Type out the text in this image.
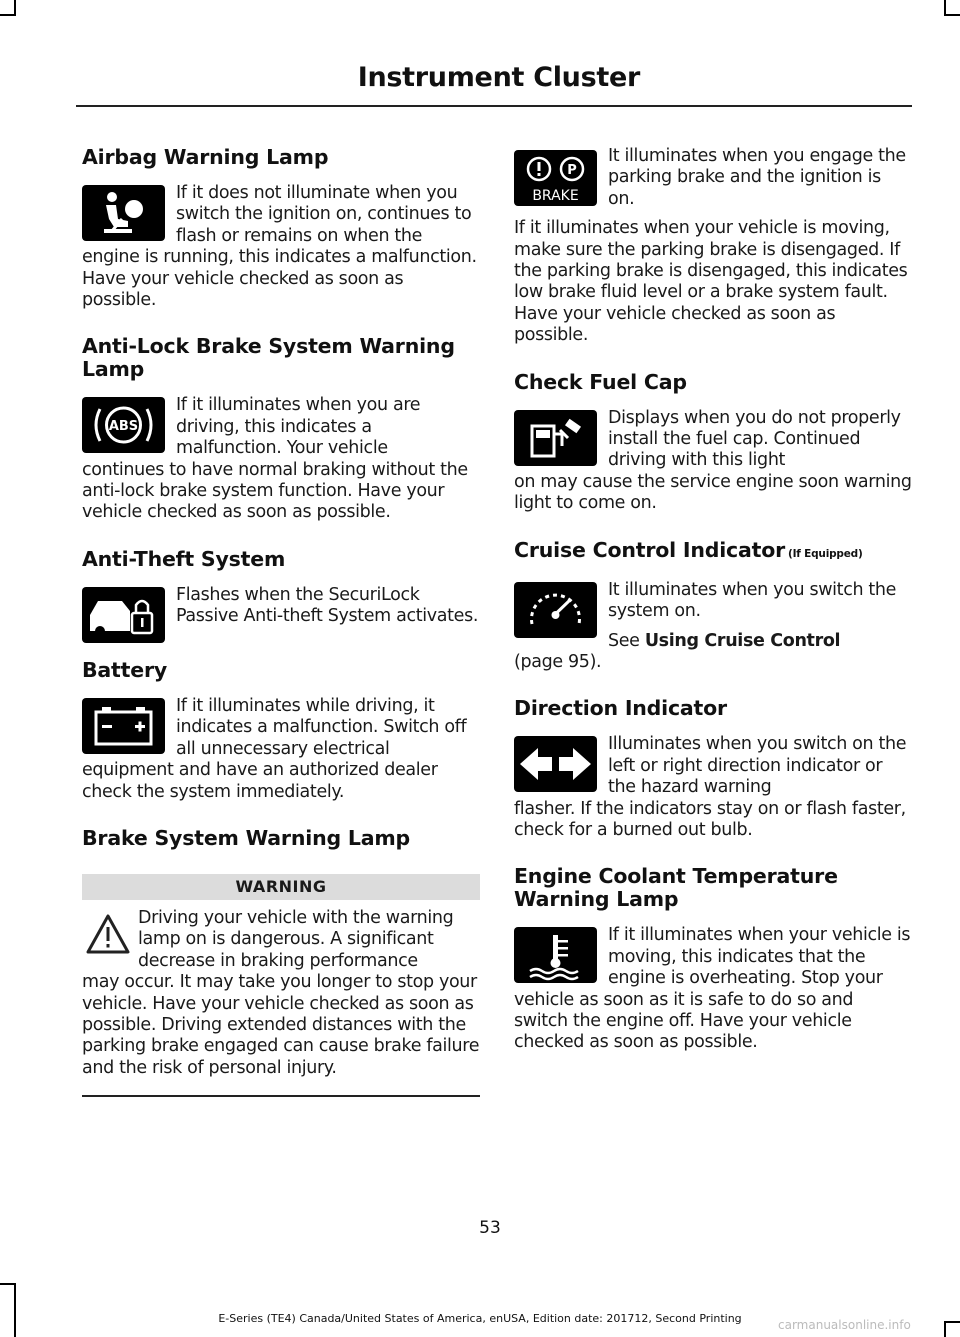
Instrument Cluster
Airbag Warning Lamp

If it does not illuminate when you switch the ignition on, continues to flash or remains on when the

engine is running, this indicates a malfunction. Have your vehicle checked as soon as possible.

Anti-Lock Brake System Warning Lamp
ABS

If it illuminates when you are driving, this indicates a malfunction. Your vehicle

continues to have normal braking without the anti-lock brake system function. Have your vehicle checked as soon as possible.

Anti-Theft System

Flashes when the SecuriLock Passive Anti-theft System activates.

Battery

If it illuminates while driving, it indicates a malfunction. Switch off all unnecessary electrical

equipment and have an authorized dealer check the system immediately.

Brake System Warning Lamp
WARNING

Driving your vehicle with the warning lamp on is dangerous. A significant decrease in braking performance

may occur. It may take you longer to stop your vehicle. Have your vehicle checked as soon as possible. Driving extended distances with the parking brake engaged can cause brake failure and the risk of personal injury.

P
BRAKE

It illuminates when you engage the parking brake and the ignition is on.

If it illuminates when your vehicle is moving, make sure the parking brake is disengaged. If the parking brake is disengaged, this indicates low brake fluid level or a brake system fault. Have your vehicle checked as soon as possible.

Check Fuel Cap

Displays when you do not properly install the fuel cap. Continued driving with this light

on may cause the service engine soon warning light to come on.

Cruise Control Indicator (If Equipped)

It illuminates when you switch the system on.

See Using Cruise Control

(page 95).

Direction Indicator

Illuminates when you switch on the left or right direction indicator or the hazard warning

flasher. If the indicators stay on or flash faster, check for a burned out bulb.

Engine Coolant Temperature Warning Lamp

If it illuminates when your vehicle is moving, this indicates that the engine is overheating. Stop your

vehicle as soon as it is safe to do so and switch the engine off. Have your vehicle checked as soon as possible.

53
E-Series (TE4) Canada/United States of America, enUSA, Edition date: 201712, Second Printing	carmanualsonline.info
